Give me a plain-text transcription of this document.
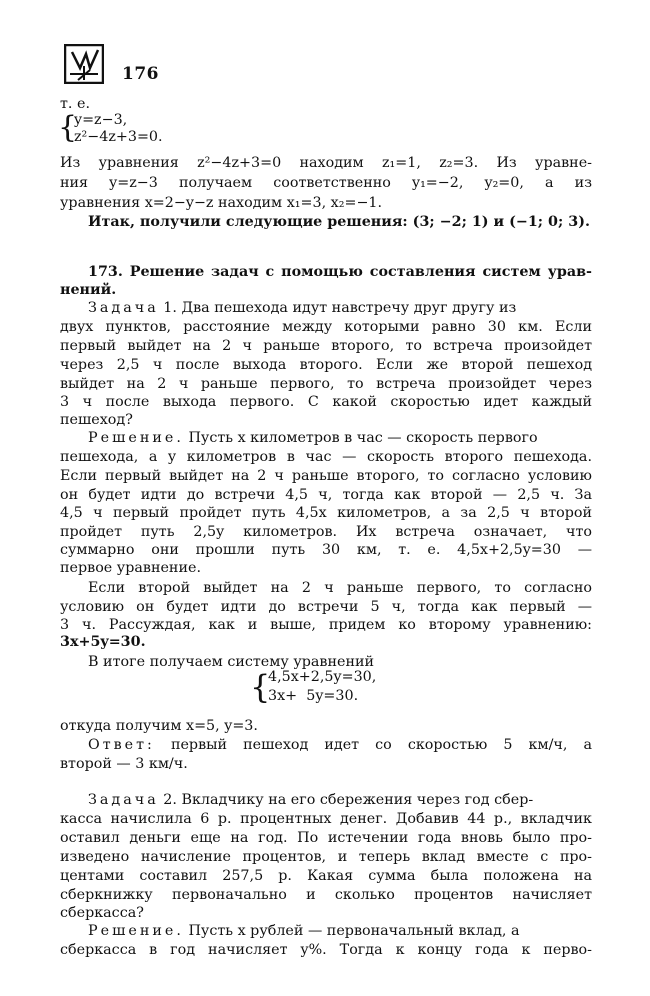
176
т. е.
{
y=z−3,
z²−4z+3=0.
Из уравнения z²−4z+3=0 находим z₁=1, z₂=3. Из уравне-
ния y=z−3 получаем соответственно y₁=−2, y₂=0, а из
уравнения x=2−y−z находим x₁=3, x₂=−1.
Итак, получили следующие решения: (3; −2; 1) и (−1; 0; 3).
173. Решение задач с помощью составления систем урав-
нений.
Задача 1. Два пешехода идут навстречу друг другу из
двух пунктов, расстояние между которыми равно 30 км. Если
первый выйдет на 2 ч раньше второго, то встреча произойдет
через 2,5 ч после выхода второго. Если же второй пешеход
выйдет на 2 ч раньше первого, то встреча произойдет через
3 ч после выхода первого. С какой скоростью идет каждый
пешеход?
Решение. Пусть x километров в час — скорость первого
пешехода, а y километров в час — скорость второго пешехода.
Если первый выйдет на 2 ч раньше второго, то согласно условию
он будет идти до встречи 4,5 ч, тогда как второй — 2,5 ч. За
4,5 ч первый пройдет путь 4,5x километров, а за 2,5 ч второй
пройдет путь 2,5y километров. Их встреча означает, что
суммарно они прошли путь 30 км, т. е. 4,5x+2,5y=30 —
первое уравнение.
Если второй выйдет на 2 ч раньше первого, то согласно
условию он будет идти до встречи 5 ч, тогда как первый —
3 ч. Рассуждая, как и выше, придем ко второму уравнению:
3x+5y=30.
В итоге получаем систему уравнений
{
4,5x+2,5y=30,
3x+  5y=30.
откуда получим x=5, y=3.
Ответ: первый пешеход идет со скоростью 5 км/ч, а
второй — 3 км/ч.
Задача 2. Вкладчику на его сбережения через год сбер-
касса начислила 6 р. процентных денег. Добавив 44 р., вкладчик
оставил деньги еще на год. По истечении года вновь было про-
изведено начисление процентов, и теперь вклад вместе с про-
центами составил 257,5 р. Какая сумма была положена на
сберкнижку первоначально и сколько процентов начисляет
сберкасса?
Решение. Пусть x рублей — первоначальный вклад, а
сберкасса в год начисляет y%. Тогда к концу года к перво-
